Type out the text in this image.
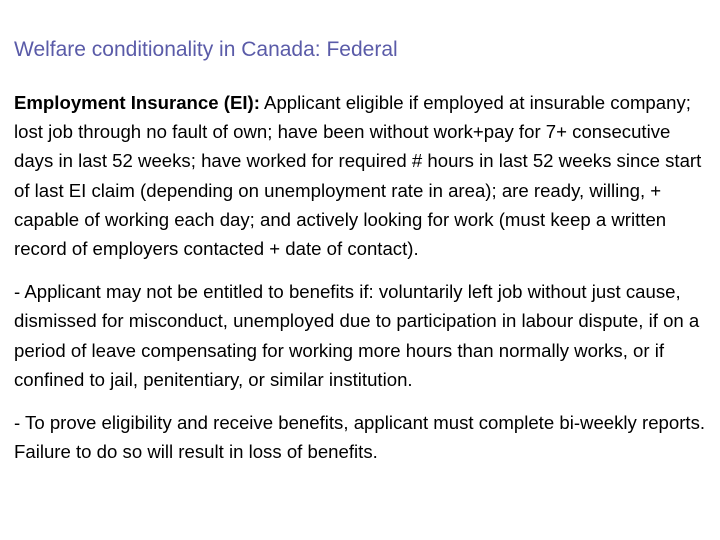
Welfare conditionality in Canada: Federal

Employment Insurance (EI): Applicant eligible if employed at insurable company; lost job through no fault of own; have been without work+pay for 7+ consecutive days in last 52 weeks; have worked for required # hours in last 52 weeks since start of last EI claim (depending on unemployment rate in area); are ready, willing, + capable of working each day; and actively looking for work (must keep a written record of employers contacted + date of contact).

- Applicant may not be entitled to benefits if: voluntarily left job without just cause, dismissed for misconduct, unemployed due to participation in labour dispute, if on a period of leave compensating for working more hours than normally works, or if confined to jail, penitentiary, or similar institution.

- To prove eligibility and receive benefits, applicant must complete bi-weekly reports. Failure to do so will result in loss of benefits.
